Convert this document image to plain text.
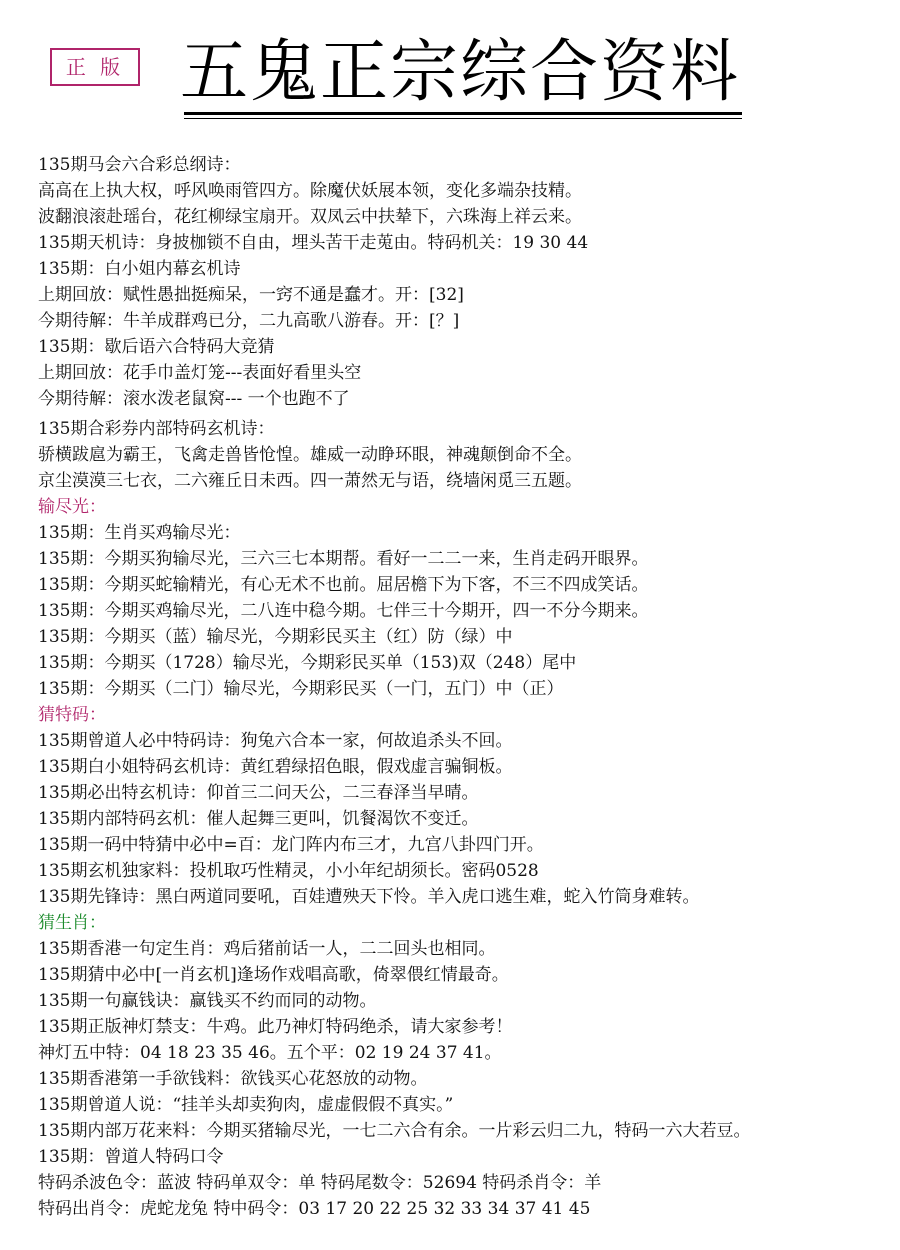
正 版 五鬼正宗综合资料
135期马会六合彩总纲诗：
高高在上执大权，呼风唤雨管四方。除魔伏妖展本领，变化多端杂技精。
波翻浪滚赴瑶台，花红柳绿宝扇开。双凤云中扶辇下，六珠海上祥云来。
135期天机诗：身披枷锁不自由，埋头苦干走莵由。特码机关：19 30 44
135期：白小姐内幕玄机诗
上期回放：赋性愚拙挺痴呆，一窍不通是蠢才。开：[32]
今期待解：牛羊成群鸡已分，二九高歌八游春。开：[？]
135期：歇后语六合特码大竞猜
上期回放：花手巾盖灯笼---表面好看里头空
今期待解：滚水泼老鼠窝--- 一个也跑不了
135期合彩券内部特码玄机诗：
骄横跋扈为霸王，飞禽走兽皆怆惶。雄威一动睁环眼，神魂颠倒命不全。
京尘漠漠三七衣，二六雍丘日未西。四一萧然无与语，绕墙闲觅三五题。
输尽光：
135期：生肖买鸡输尽光：
135期：今期买狗输尽光，三六三七本期帮。看好一二二一来，生肖走码开眼界。
135期：今期买蛇输精光，有心无术不也前。屈居檐下为下客，不三不四成笑话。
135期：今期买鸡输尽光，二八连中稳今期。七伴三十今期开，四一不分今期来。
135期：今期买（蓝）输尽光，今期彩民买主（红）防（绿）中
135期：今期买（1728）输尽光，今期彩民买单（153)双（248）尾中
135期：今期买（二门）输尽光，今期彩民买（一门，五门）中（正）
猜特码：
135期曾道人必中特码诗：狗兔六合本一家，何故追杀头不回。
135期白小姐特码玄机诗：黄红碧绿招色眼，假戏虚言骗铜板。
135期必出特玄机诗：仰首三二问天公，二三春泽当早晴。
135期内部特码玄机：催人起舞三更叫，饥餐渴饮不变迁。
135期一码中特猜中必中=百：龙门阵内布三才，九宫八卦四门开。
135期玄机独家料：投机取巧性精灵，小小年纪胡须长。密码0528
135期先锋诗：黑白两道同要吼，百娃遭殃天下怜。羊入虎口逃生难，蛇入竹筒身难转。
猜生肖：
135期香港一句定生肖：鸡后猪前话一人，二二回头也相同。
135期猜中必中[一肖玄机]逢场作戏唱高歌，倚翠偎红情最奇。
135期一句赢钱诀：赢钱买不约而同的动物。
135期正版神灯禁支：牛鸡。此乃神灯特码绝杀，请大家参考！
神灯五中特：04 18 23 35 46。五个平：02 19 24 37 41。
135期香港第一手欲钱料：欲钱买心花怒放的动物。
135期曾道人说：“挂羊头却卖狗肉，虚虚假假不真实。”
135期内部万花来料：今期买猪输尽光，一七二六合有余。一片彩云归二九，特码一六大若豆。
135期：曾道人特码口令
特码杀波色令：蓝波 特码单双令：单 特码尾数令：52694 特码杀肖令：羊
特码出肖令：虎蛇龙兔 特中码令：03 17 20 22 25 32 33 34 37 41 45
